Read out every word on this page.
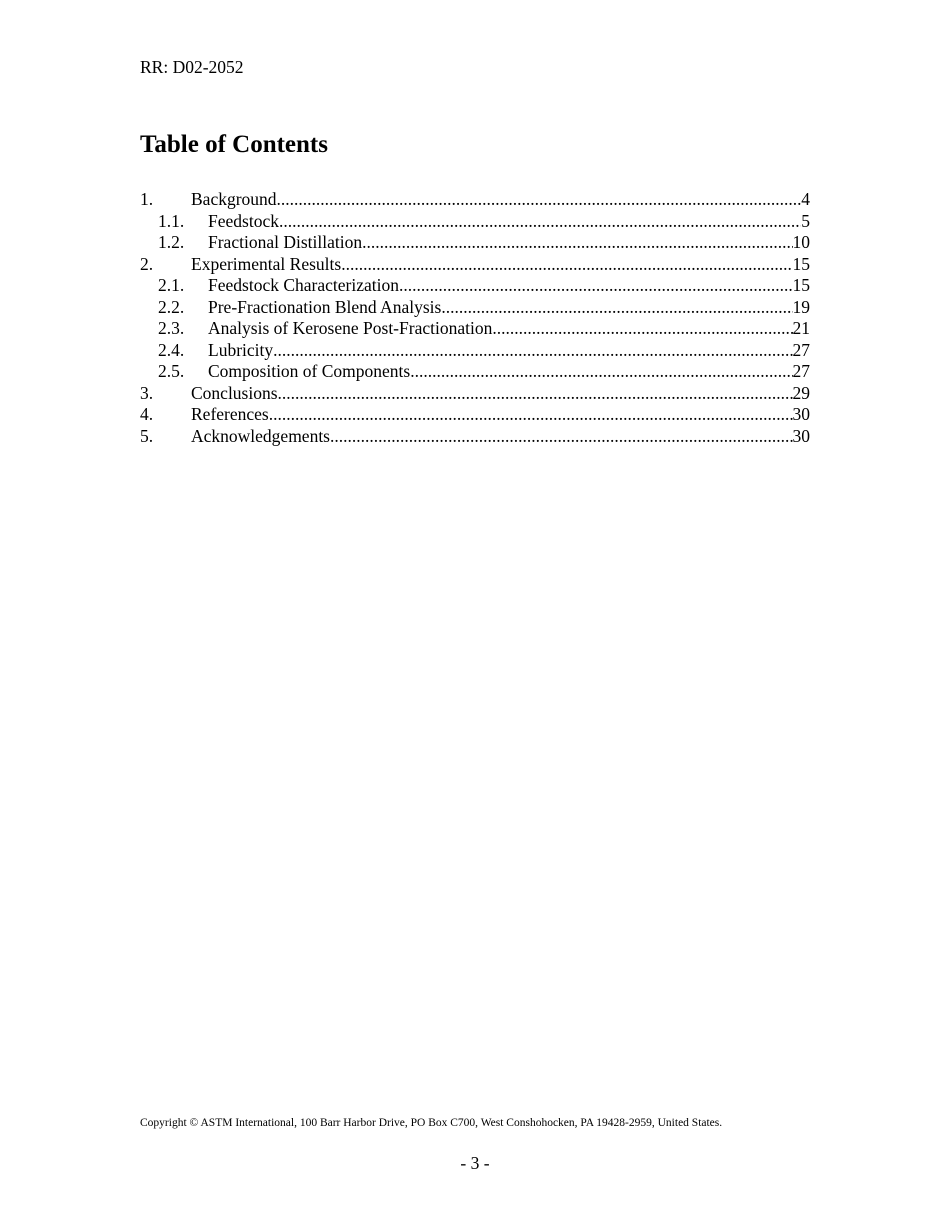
RR: D02-2052
Table of Contents
1.	Background .....	4
1.1.	Feedstock .....	5
1.2.	Fractional Distillation .....	10
2.	Experimental Results .....	15
2.1.	Feedstock Characterization .....	15
2.2.	Pre-Fractionation Blend Analysis .....	19
2.3.	Analysis of Kerosene Post-Fractionation .....	21
2.4.	Lubricity .....	27
2.5.	Composition of Components .....	27
3.	Conclusions .....	29
4.	References .....	30
5.	Acknowledgements .....	30
Copyright © ASTM International, 100 Barr Harbor Drive, PO Box C700, West Conshohocken, PA 19428-2959, United States.
- 3 -
